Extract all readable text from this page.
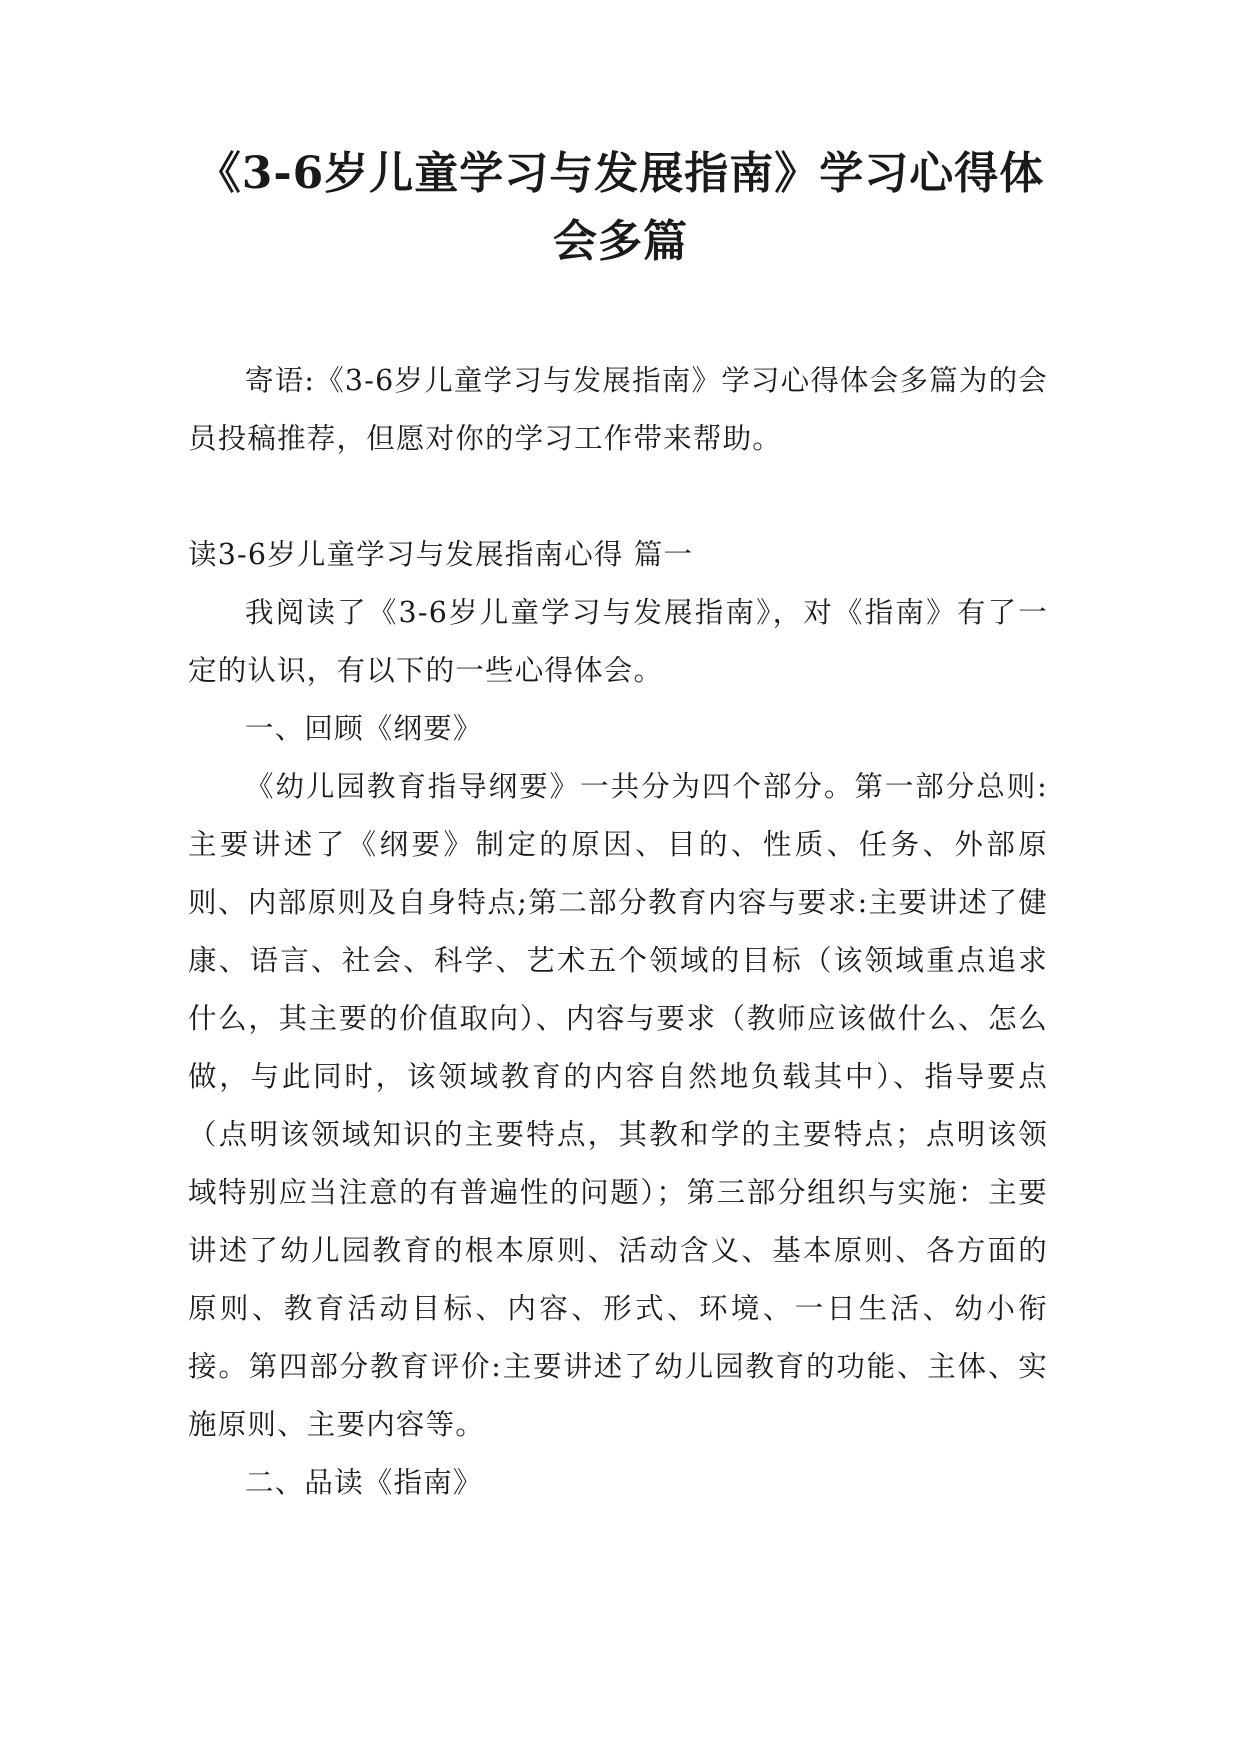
《3-6岁儿童学习与发展指南》学习心得体
会多篇

寄语:《3-6岁儿童学习与发展指南》学习心得体会多篇为的会员投稿推荐，但愿对你的学习工作带来帮助。

读3-6岁儿童学习与发展指南心得 篇一

我阅读了《3-6岁儿童学习与发展指南》，对《指南》有了一定的认识，有以下的一些心得体会。

一、回顾《纲要》

《幼儿园教育指导纲要》一共分为四个部分。第一部分总则:主要讲述了《纲要》制定的原因、目的、性质、任务、外部原则、内部原则及自身特点;第二部分教育内容与要求:主要讲述了健康、语言、社会、科学、艺术五个领域的目标（该领域重点追求什么，其主要的价值取向）、内容与要求（教师应该做什么、怎么做，与此同时，该领域教育的内容自然地负载其中）、指导要点（点明该领域知识的主要特点，其教和学的主要特点；点明该领域特别应当注意的有普遍性的问题）；第三部分组织与实施：主要讲述了幼儿园教育的根本原则、活动含义、基本原则、各方面的原则、教育活动目标、内容、形式、环境、一日生活、幼小衔接。第四部分教育评价:主要讲述了幼儿园教育的功能、主体、实施原则、主要内容等。

二、品读《指南》
